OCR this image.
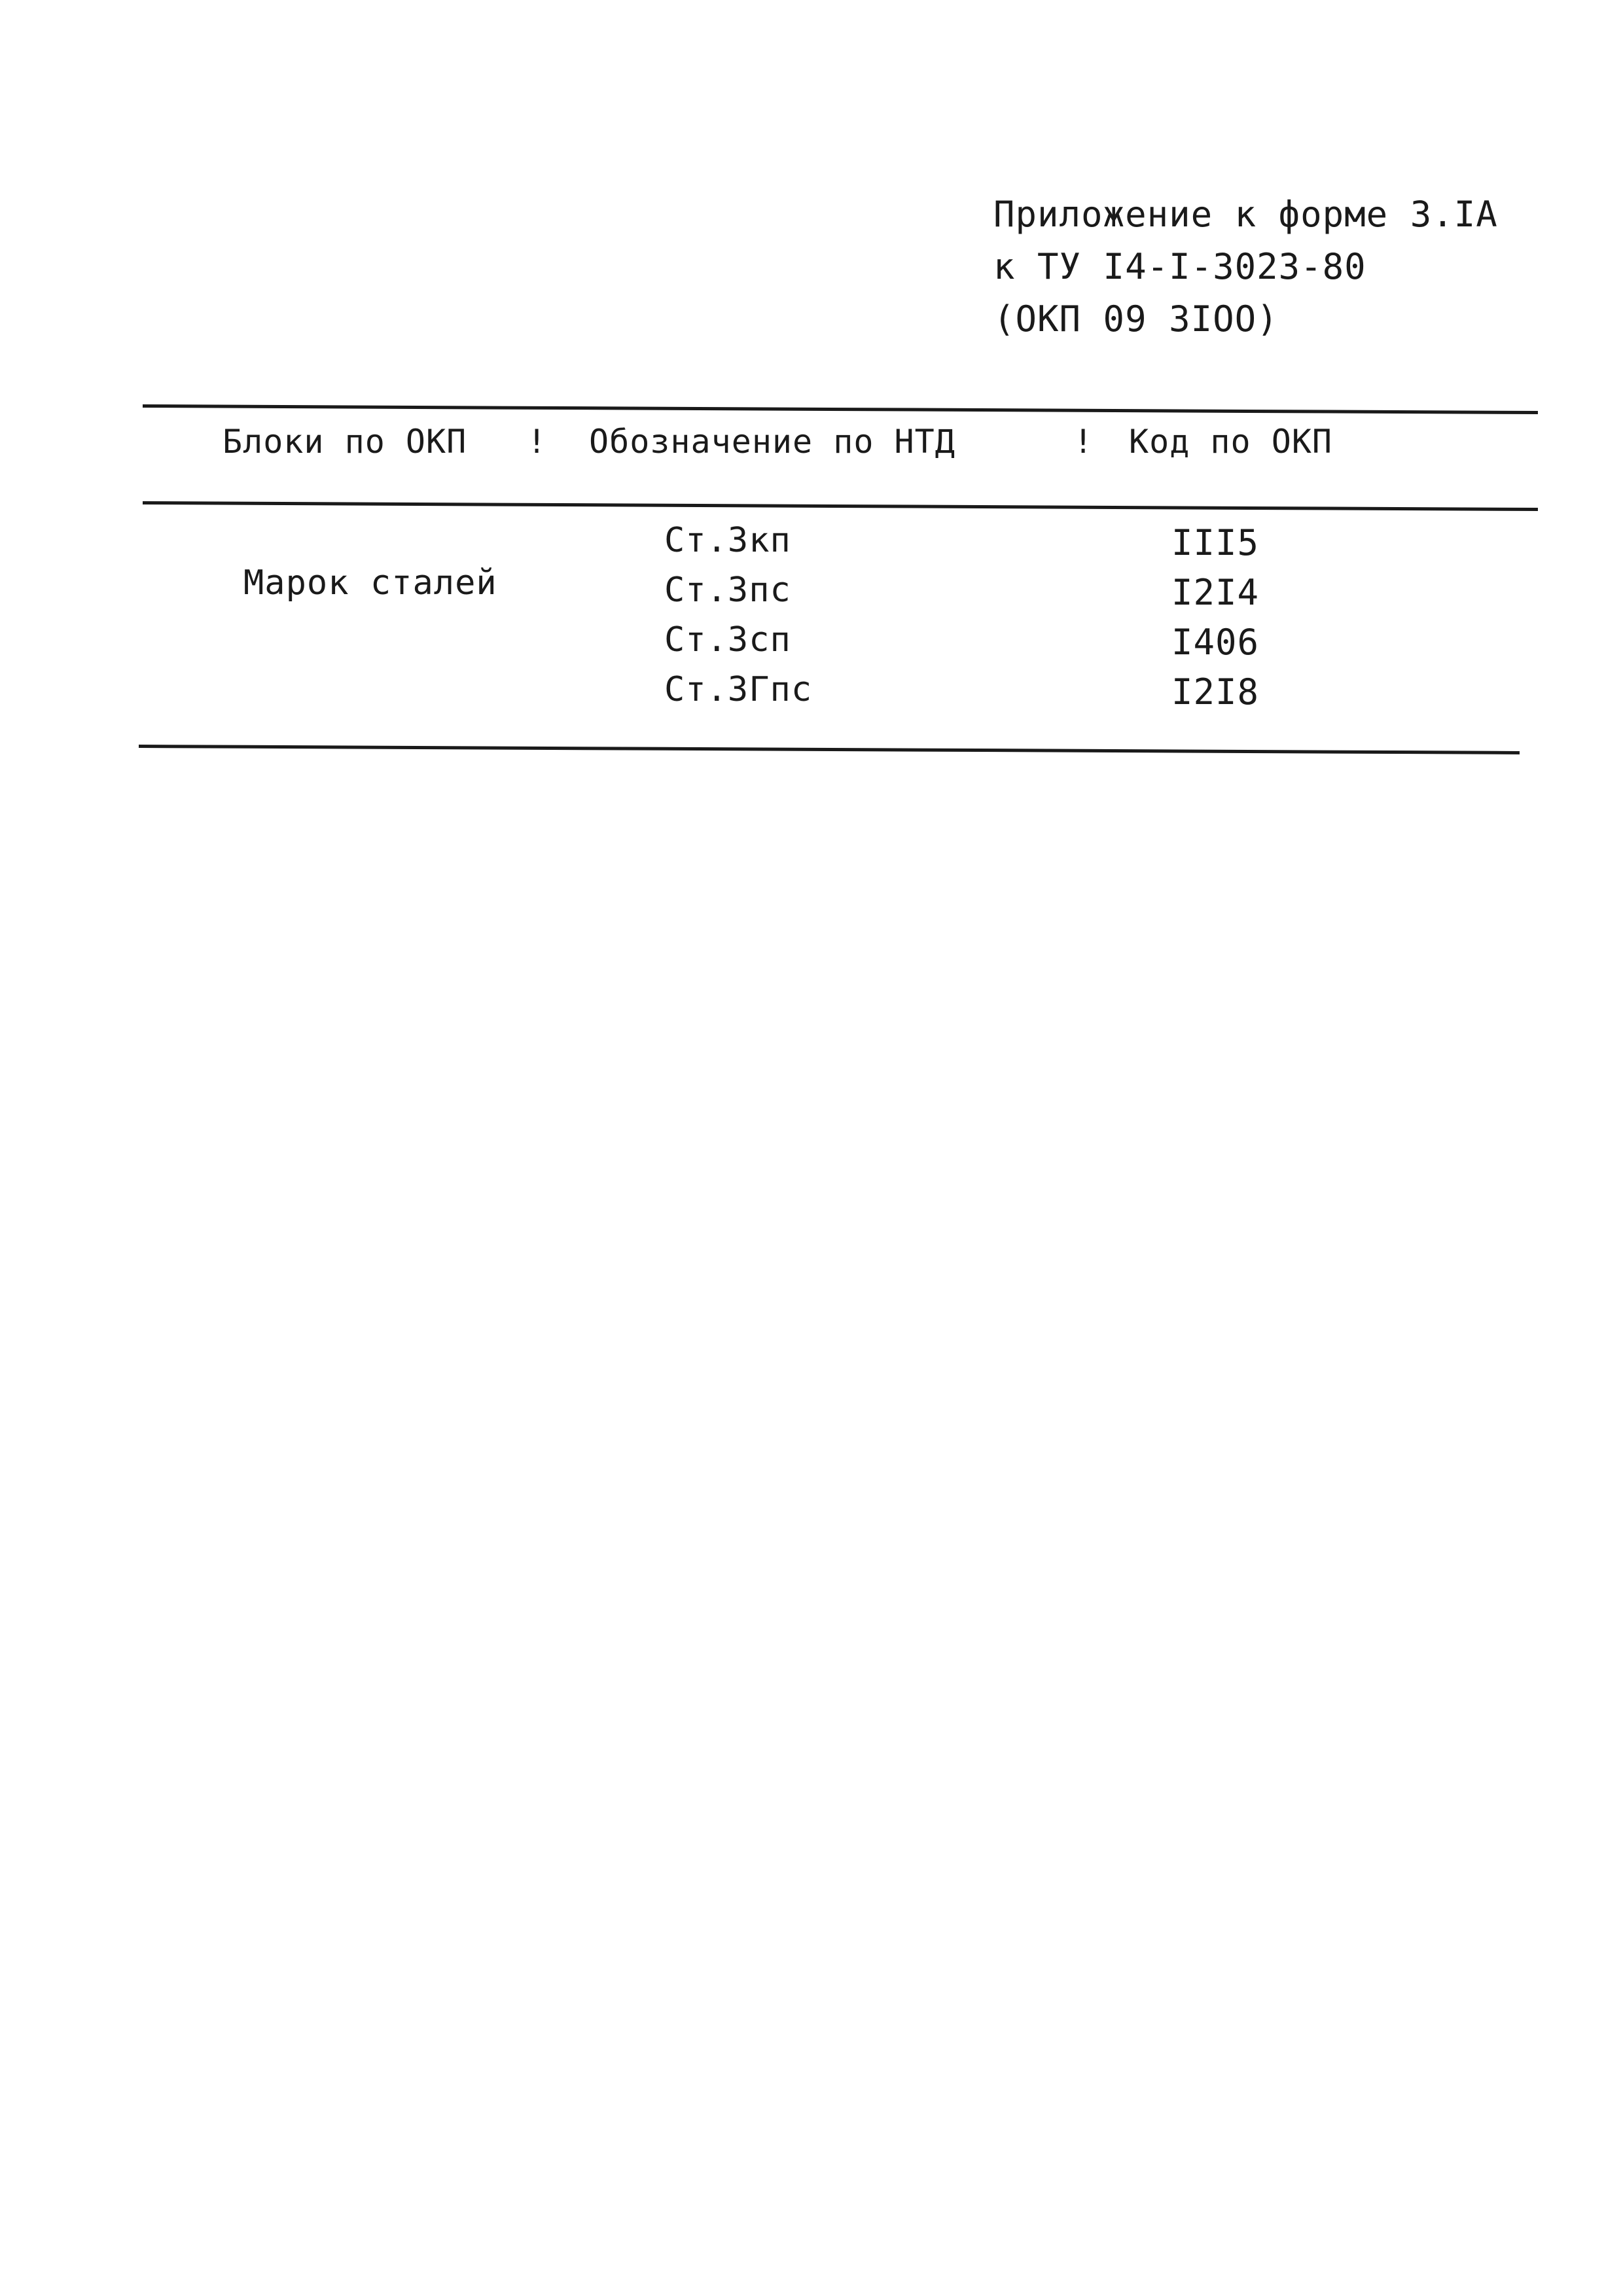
Приложение к форме 3.IA
к ТУ I4-I-3023-80
(ОКП 09 3IOO)
Блоки по ОКП ! Обозначение по НТД	! Код по ОКП
Марок сталей
Ст.3кп
Ст.3пс
Ст.3сп
Ст.3Гпс
III5
I2I4
I406
I2I8
